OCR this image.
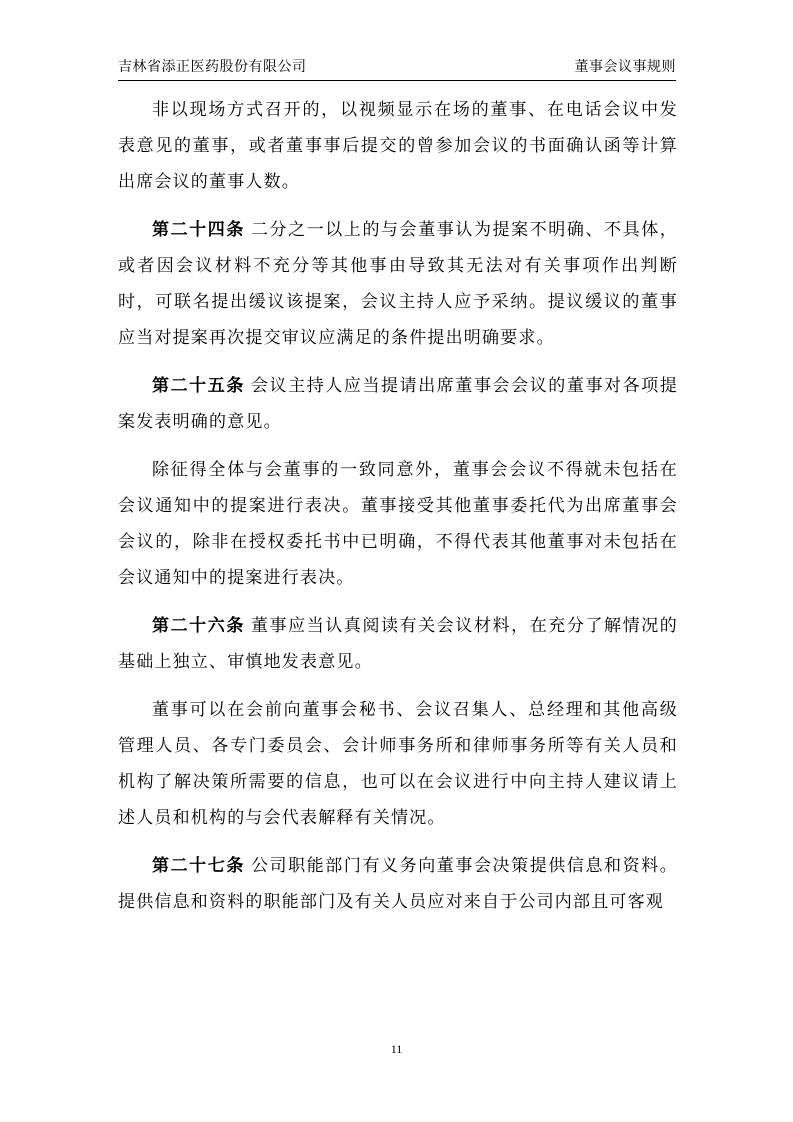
吉林省添正医药股份有限公司	董事会议事规则

非以现场方式召开的，以视频显示在场的董事、在电话会议中发表意见的董事，或者董事事后提交的曾参加会议的书面确认函等计算出席会议的董事人数。

第二十四条 二分之一以上的与会董事认为提案不明确、不具体，或者因会议材料不充分等其他事由导致其无法对有关事项作出判断时，可联名提出缓议该提案，会议主持人应予采纳。提议缓议的董事应当对提案再次提交审议应满足的条件提出明确要求。

第二十五条 会议主持人应当提请出席董事会会议的董事对各项提案发表明确的意见。

除征得全体与会董事的一致同意外，董事会会议不得就未包括在会议通知中的提案进行表决。董事接受其他董事委托代为出席董事会会议的，除非在授权委托书中已明确，不得代表其他董事对未包括在会议通知中的提案进行表决。

第二十六条 董事应当认真阅读有关会议材料，在充分了解情况的基础上独立、审慎地发表意见。

董事可以在会前向董事会秘书、会议召集人、总经理和其他高级管理人员、各专门委员会、会计师事务所和律师事务所等有关人员和机构了解决策所需要的信息，也可以在会议进行中向主持人建议请上述人员和机构的与会代表解释有关情况。

第二十七条 公司职能部门有义务向董事会决策提供信息和资料。提供信息和资料的职能部门及有关人员应对来自于公司内部且可客观

11
